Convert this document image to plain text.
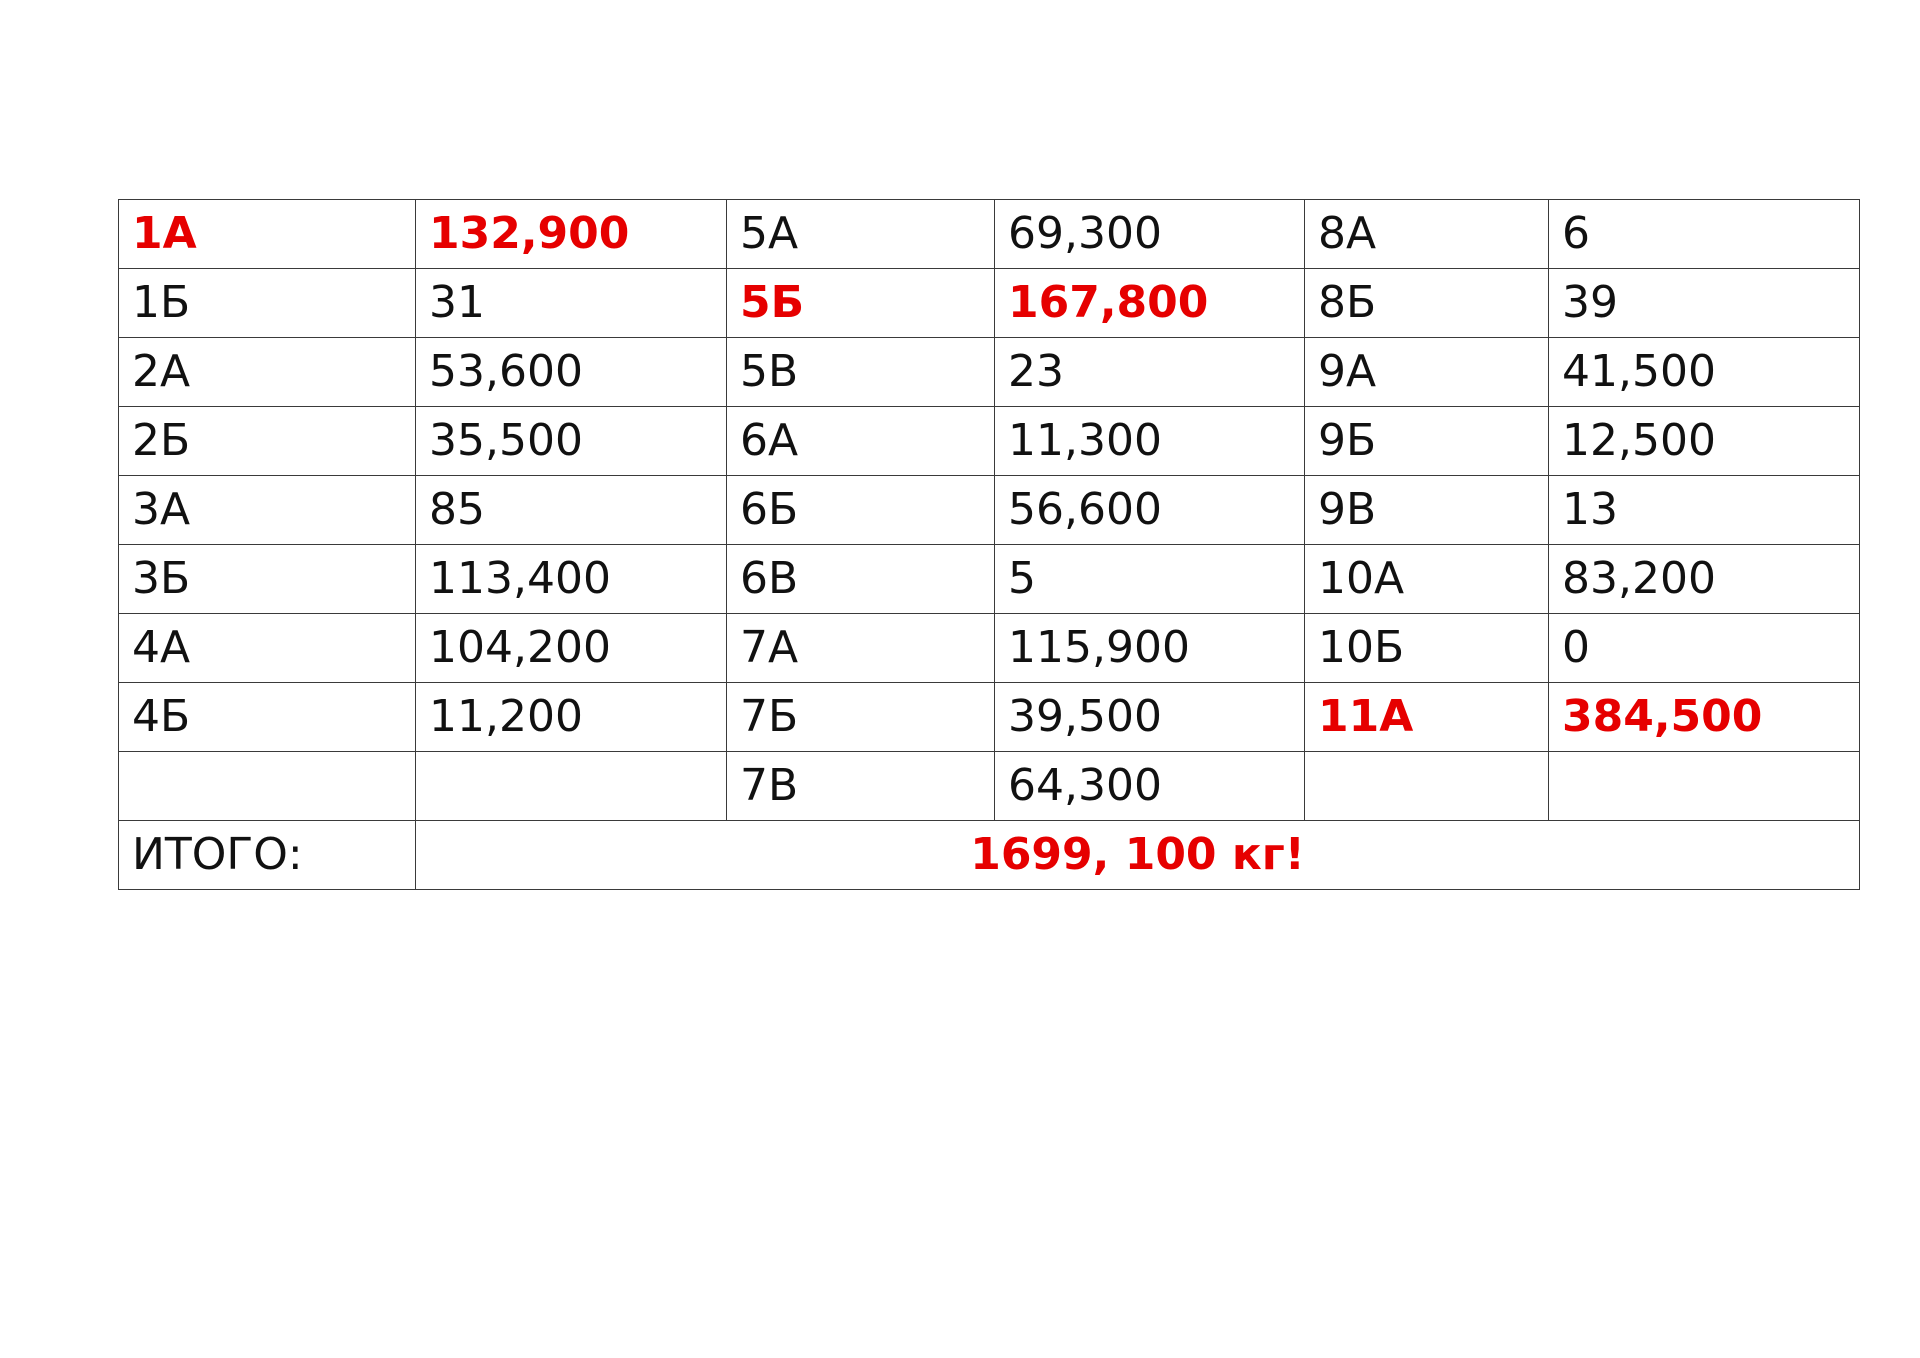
1А	132,900	5А	69,300	8А	6
1Б	31	5Б	167,800	8Б	39
2А	53,600	5В	23	9А	41,500
2Б	35,500	6А	11,300	9Б	12,500
3А	85	6Б	56,600	9В	13
3Б	113,400	6В	5	10А	83,200
4А	104,200	7А	115,900	10Б	0
4Б	11,200	7Б	39,500	11А	384,500
		7В	64,300		
ИТОГО:	1699, 100 кг!				
